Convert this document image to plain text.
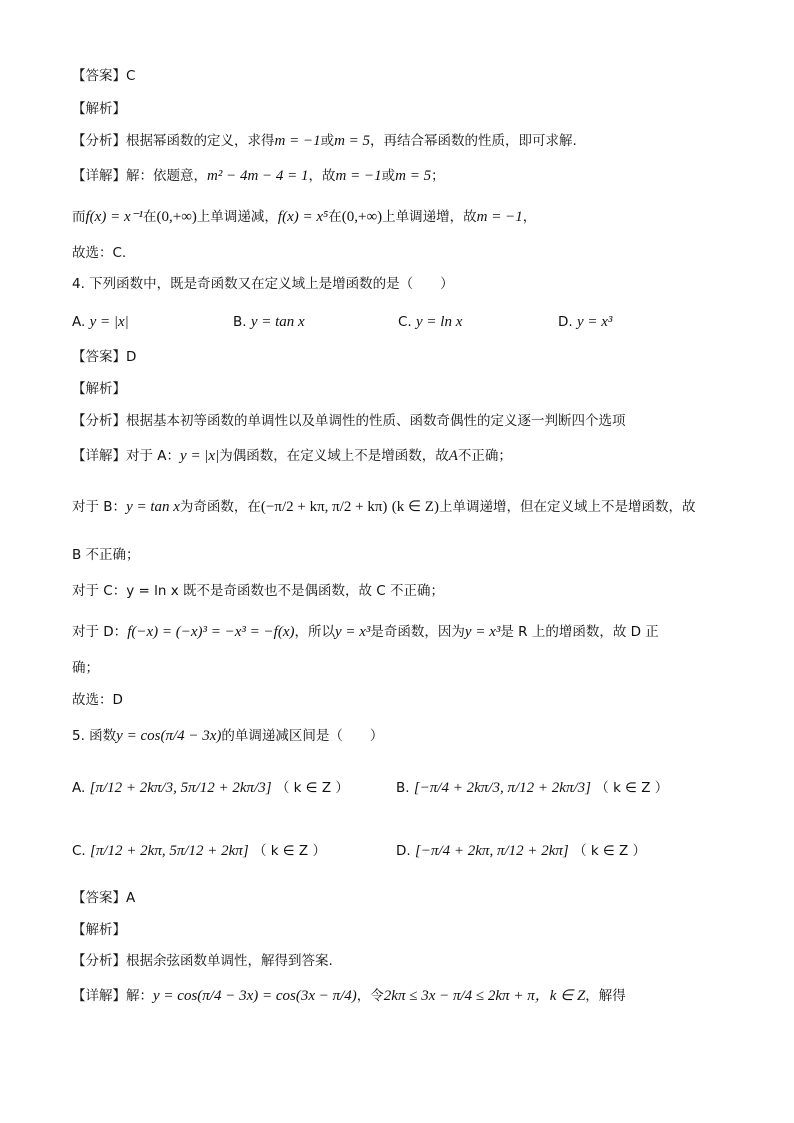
【答案】C
【解析】
【分析】根据幂函数的定义，求得m = −1或m = 5，再结合幂函数的性质，即可求解.
【详解】解：依题意，m² − 4m − 4 = 1，故m = −1或m = 5；
而f(x) = x⁻¹在(0,+∞)上单调递减，f(x) = x⁵在(0,+∞)上单调递增，故m = −1，
故选：C.
4. 下列函数中，既是奇函数又在定义域上是增函数的是（　　）
A. y = |x|	B. y = tan x	C. y = ln x	D. y = x³
【答案】D
【解析】
【分析】根据基本初等函数的单调性以及单调性的性质、函数奇偶性的定义逐一判断四个选项
【详解】对于 A：y = |x|为偶函数，在定义域上不是增函数，故A不正确；
对于 B：y = tan x为奇函数，在(−π/2 + kπ, π/2 + kπ) (k ∈ Z)上单调递增，但在定义域上不是增函数，故
B 不正确；
对于 C：y = ln x 既不是奇函数也不是偶函数，故 C 不正确；
对于 D：f(−x) = (−x)³ = −x³ = −f(x)，所以y = x³是奇函数，因为y = x³是 R 上的增函数，故 D 正
确；
故选：D
5. 函数y = cos(π/4 − 3x)的单调递减区间是（　　）
A. [π/12 + 2kπ/3, 5π/12 + 2kπ/3] （ k ∈ Z ）	B. [−π/4 + 2kπ/3, π/12 + 2kπ/3] （ k ∈ Z ）
C. [π/12 + 2kπ, 5π/12 + 2kπ] （ k ∈ Z ）	D. [−π/4 + 2kπ, π/12 + 2kπ] （ k ∈ Z ）
【答案】A
【解析】
【分析】根据余弦函数单调性，解得到答案.
【详解】解：y = cos(π/4 − 3x) = cos(3x − π/4)，令2kπ ≤ 3x − π/4 ≤ 2kπ + π，k ∈ Z，解得
